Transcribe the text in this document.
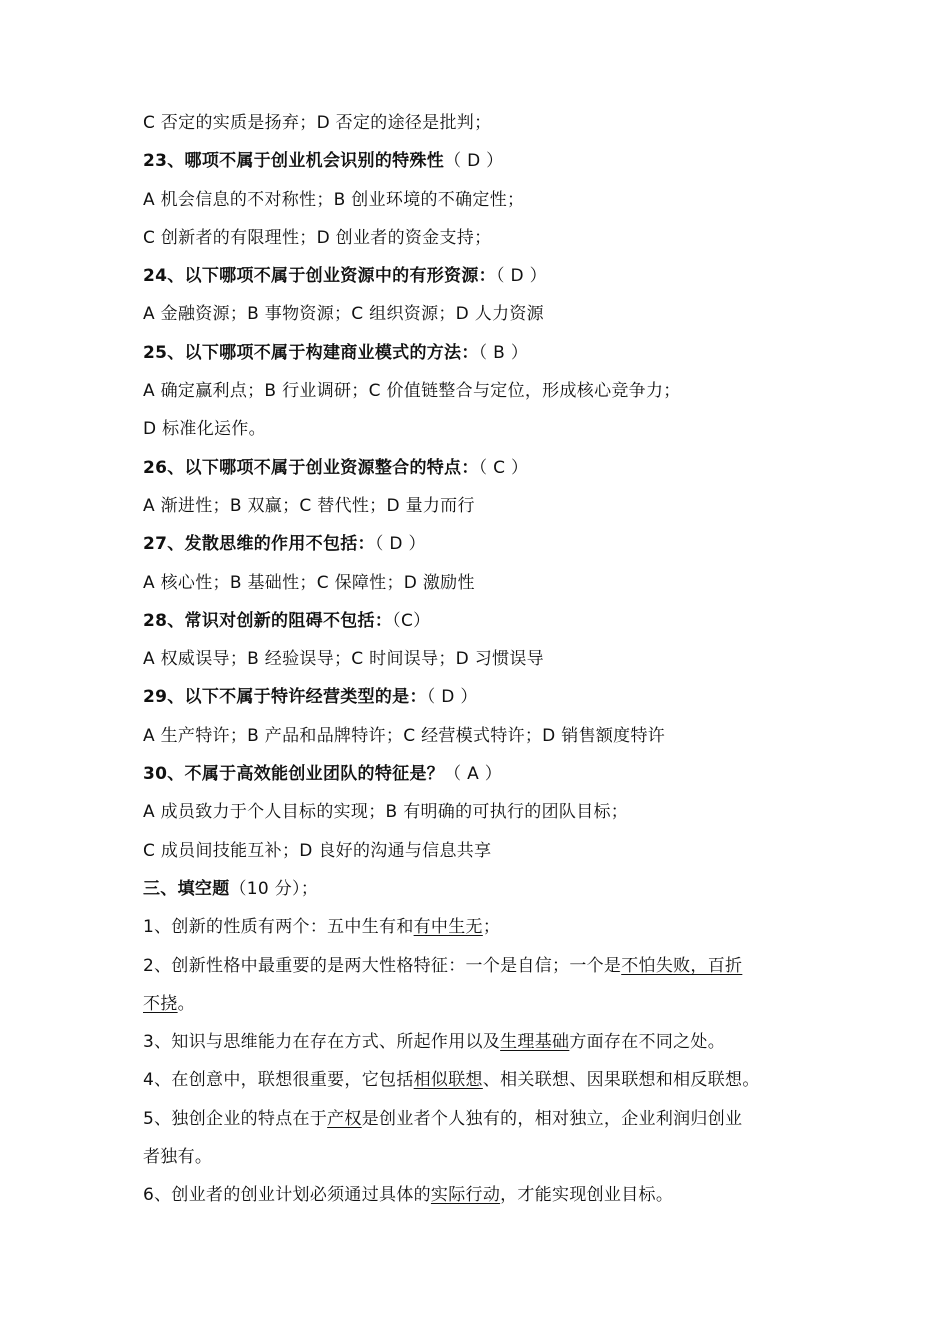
C 否定的实质是扬弃；D 否定的途径是批判；
23、哪项不属于创业机会识别的特殊性（ D ）
A 机会信息的不对称性；B 创业环境的不确定性；
C 创新者的有限理性；D 创业者的资金支持；
24、以下哪项不属于创业资源中的有形资源：（ D ）
A 金融资源；B 事物资源；C 组织资源；D 人力资源
25、以下哪项不属于构建商业模式的方法：（ B ）
A 确定赢利点；B 行业调研；C 价值链整合与定位，形成核心竞争力；
D 标准化运作。
26、以下哪项不属于创业资源整合的特点：（ C ）
A 渐进性；B 双赢；C 替代性；D 量力而行
27、发散思维的作用不包括：（ D ）
A 核心性；B 基础性；C 保障性；D 激励性
28、常识对创新的阻碍不包括：（C）
A 权威误导；B 经验误导；C 时间误导；D 习惯误导
29、以下不属于特许经营类型的是：（ D ）
A 生产特许；B 产品和品牌特许；C 经营模式特许；D 销售额度特许
30、不属于高效能创业团队的特征是？（ A ）
A 成员致力于个人目标的实现；B 有明确的可执行的团队目标；
C 成员间技能互补；D 良好的沟通与信息共享
三、填空题（10 分）；
1、创新的性质有两个：五中生有和有中生无；
2、创新性格中最重要的是两大性格特征：一个是自信；一个是不怕失败，百折
不挠。
3、知识与思维能力在存在方式、所起作用以及生理基础方面存在不同之处。
4、在创意中，联想很重要，它包括相似联想、相关联想、因果联想和相反联想。
5、独创企业的特点在于产权是创业者个人独有的，相对独立，企业利润归创业
者独有。
6、创业者的创业计划必须通过具体的实际行动，才能实现创业目标。
